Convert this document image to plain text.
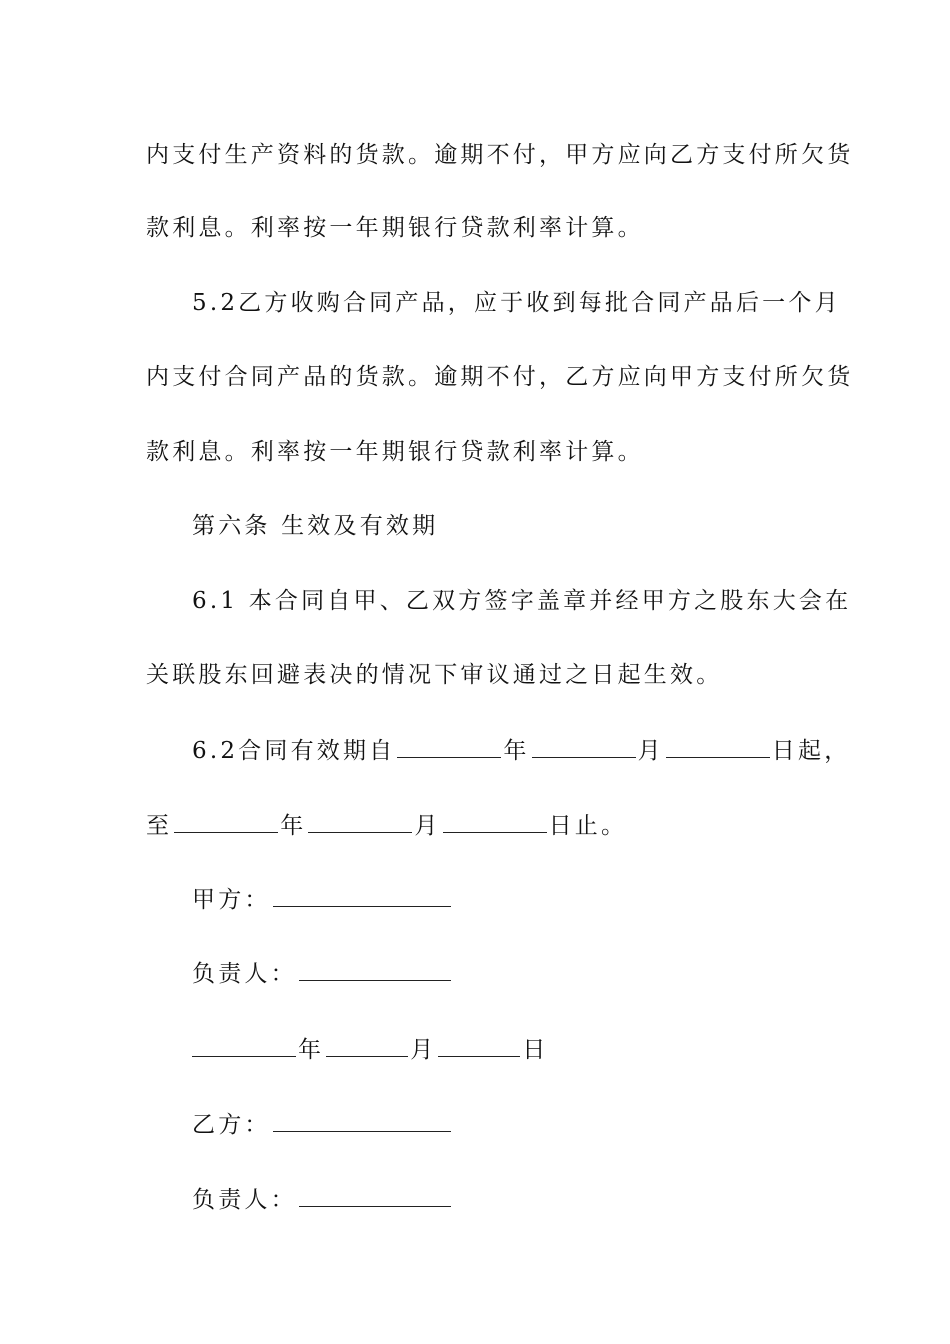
内支付生产资料的货款。逾期不付，甲方应向乙方支付所欠货
款利息。利率按一年期银行贷款利率计算。
5.2乙方收购合同产品，应于收到每批合同产品后一个月
内支付合同产品的货款。逾期不付，乙方应向甲方支付所欠货
款利息。利率按一年期银行贷款利率计算。
第六条 生效及有效期
6.1 本合同自甲、乙双方签字盖章并经甲方之股东大会在
关联股东回避表决的情况下审议通过之日起生效。
6.2合同有效期自	年	月	日起，
至	年	月	日止。
甲方：
负责人：
年	月	日
乙方：
负责人：
